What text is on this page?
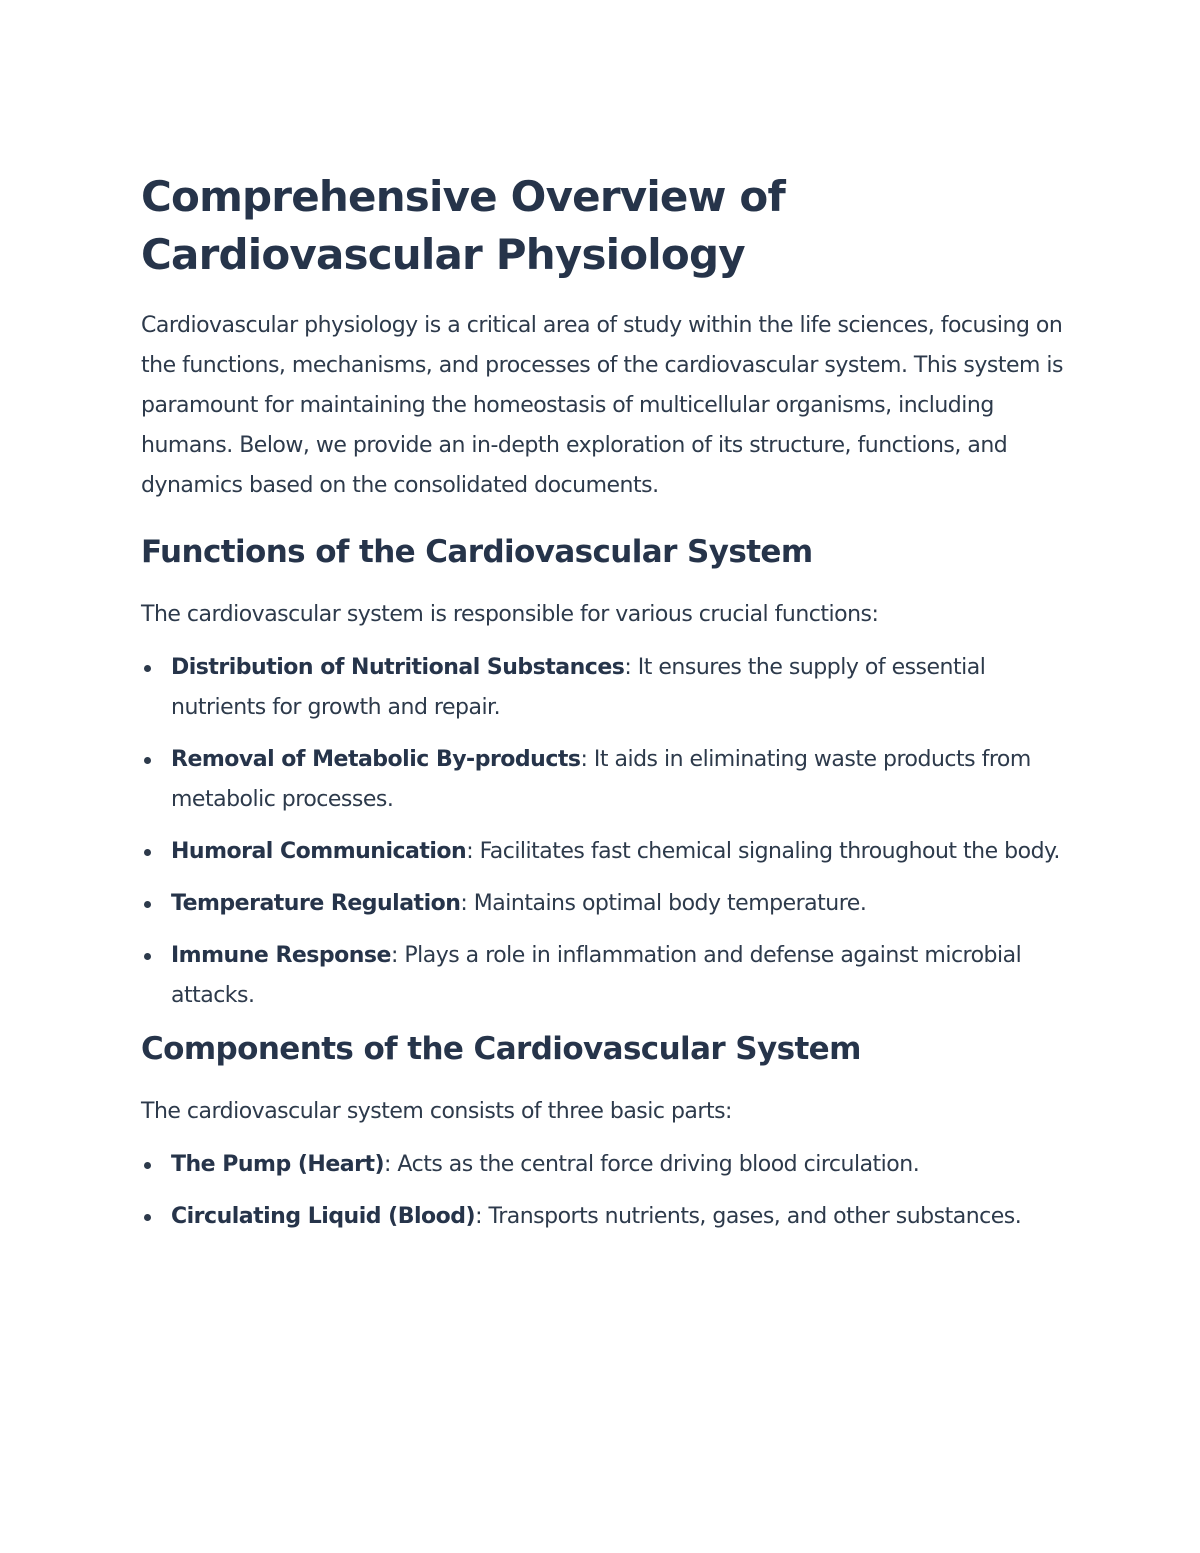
Comprehensive Overview of Cardiovascular Physiology

Cardiovascular physiology is a critical area of study within the life sciences, focusing on the functions, mechanisms, and processes of the cardiovascular system. This system is paramount for maintaining the homeostasis of multicellular organisms, including humans. Below, we provide an in-depth exploration of its structure, functions, and dynamics based on the consolidated documents.

Functions of the Cardiovascular System

The cardiovascular system is responsible for various crucial functions:

Distribution of Nutritional Substances: It ensures the supply of essential nutrients for growth and repair.
Removal of Metabolic By-products: It aids in eliminating waste products from metabolic processes.
Humoral Communication: Facilitates fast chemical signaling throughout the body.
Temperature Regulation: Maintains optimal body temperature.
Immune Response: Plays a role in inflammation and defense against microbial attacks.
Components of the Cardiovascular System

The cardiovascular system consists of three basic parts:

The Pump (Heart): Acts as the central force driving blood circulation.
Circulating Liquid (Blood): Transports nutrients, gases, and other substances.
